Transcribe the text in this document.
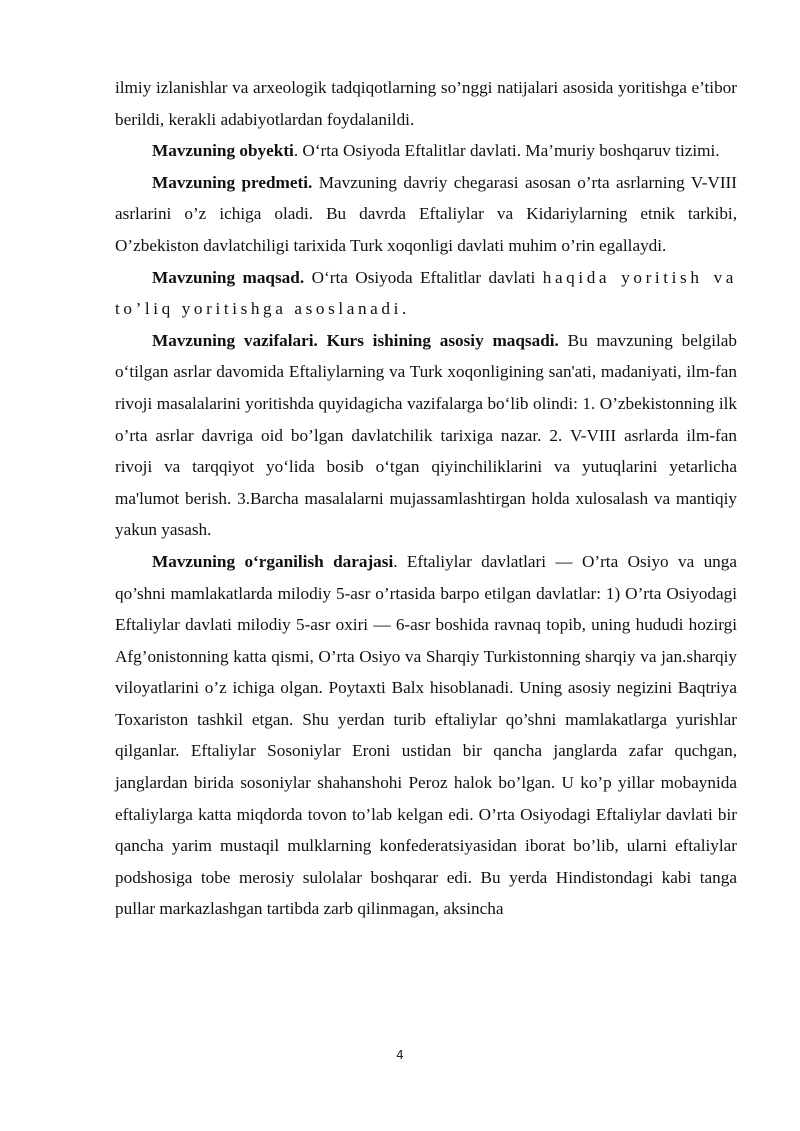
ilmiy izlanishlar va arxeologik tadqiqotlarning so’nggi natijalari asosida yoritishga e’tibor berildi, kerakli adabiyotlardan foydalanildi.

Mavzuning obyekti. O‘rta Osiyoda Eftalitlar davlati. Ma’muriy boshqaruv tizimi.

Mavzuning predmeti. Mavzuning davriy chegarasi asosan o’rta asrlarning V-VIII asrlarini o’z ichiga oladi. Bu davrda Eftaliylar va Kidariylarning etnik tarkibi, O’zbekiston davlatchiligi tarixida Turk xoqonligi davlati muhim o’rin egallaydi.

Mavzuning maqsad. O‘rta Osiyoda Eftalitlar davlati haqida yoritish va to’liq yoritishga asoslanadi.

Mavzuning vazifalari. Kurs ishining asosiy maqsadi. Bu mavzuning belgilab o‘tilgan asrlar davomida Eftaliylarning va Turk xoqonligining san'ati, madaniyati, ilm-fan rivoji masalalarini yoritishda quyidagicha vazifalarga bo‘lib olindi: 1. O’zbekistonning ilk o’rta asrlar davriga oid bo’lgan davlatchilik tarixiga nazar. 2. V-VIII asrlarda ilm-fan rivoji va tarqqiyot yo‘lida bosib o‘tgan qiyinchiliklarini va yutuqlarini yetarlicha ma'lumot berish. 3.Barcha masalalarni mujassamlashtirgan holda xulosalash va mantiqiy yakun yasash.

Mavzuning o‘rganilish darajasi. Eftaliylar davlatlari — O’rta Osiyo va unga qo’shni mamlakatlarda milodiy 5-asr o’rtasida barpo etilgan davlatlar: 1) O’rta Osiyodagi Eftaliylar davlati milodiy 5-asr oxiri — 6-asr boshida ravnaq topib, uning hududi hozirgi Afg’onistonning katta qismi, O’rta Osiyo va Sharqiy Turkistonning sharqiy va jan.sharqiy viloyatlarini o’z ichiga olgan. Poytaxti Balx hisoblanadi. Uning asosiy negizini Baqtriya Toxariston tashkil etgan. Shu yerdan turib eftaliylar qo’shni mamlakatlarga yurishlar qilganlar. Eftaliylar Sosoniylar Eroni ustidan bir qancha janglarda zafar quchgan, janglardan birida sosoniylar shahanshohi Peroz halok bo’lgan. U ko’p yillar mobaynida eftaliylarga katta miqdorda tovon to’lab kelgan edi. O’rta Osiyodagi Eftaliylar davlati bir qancha yarim mustaqil mulklarning konfederatsiyasidan iborat bo’lib, ularni eftaliylar podshosiga tobe merosiy sulolalar boshqarar edi. Bu yerda Hindistondagi kabi tanga pullar markazlashgan tartibda zarb qilinmagan, aksincha

4
